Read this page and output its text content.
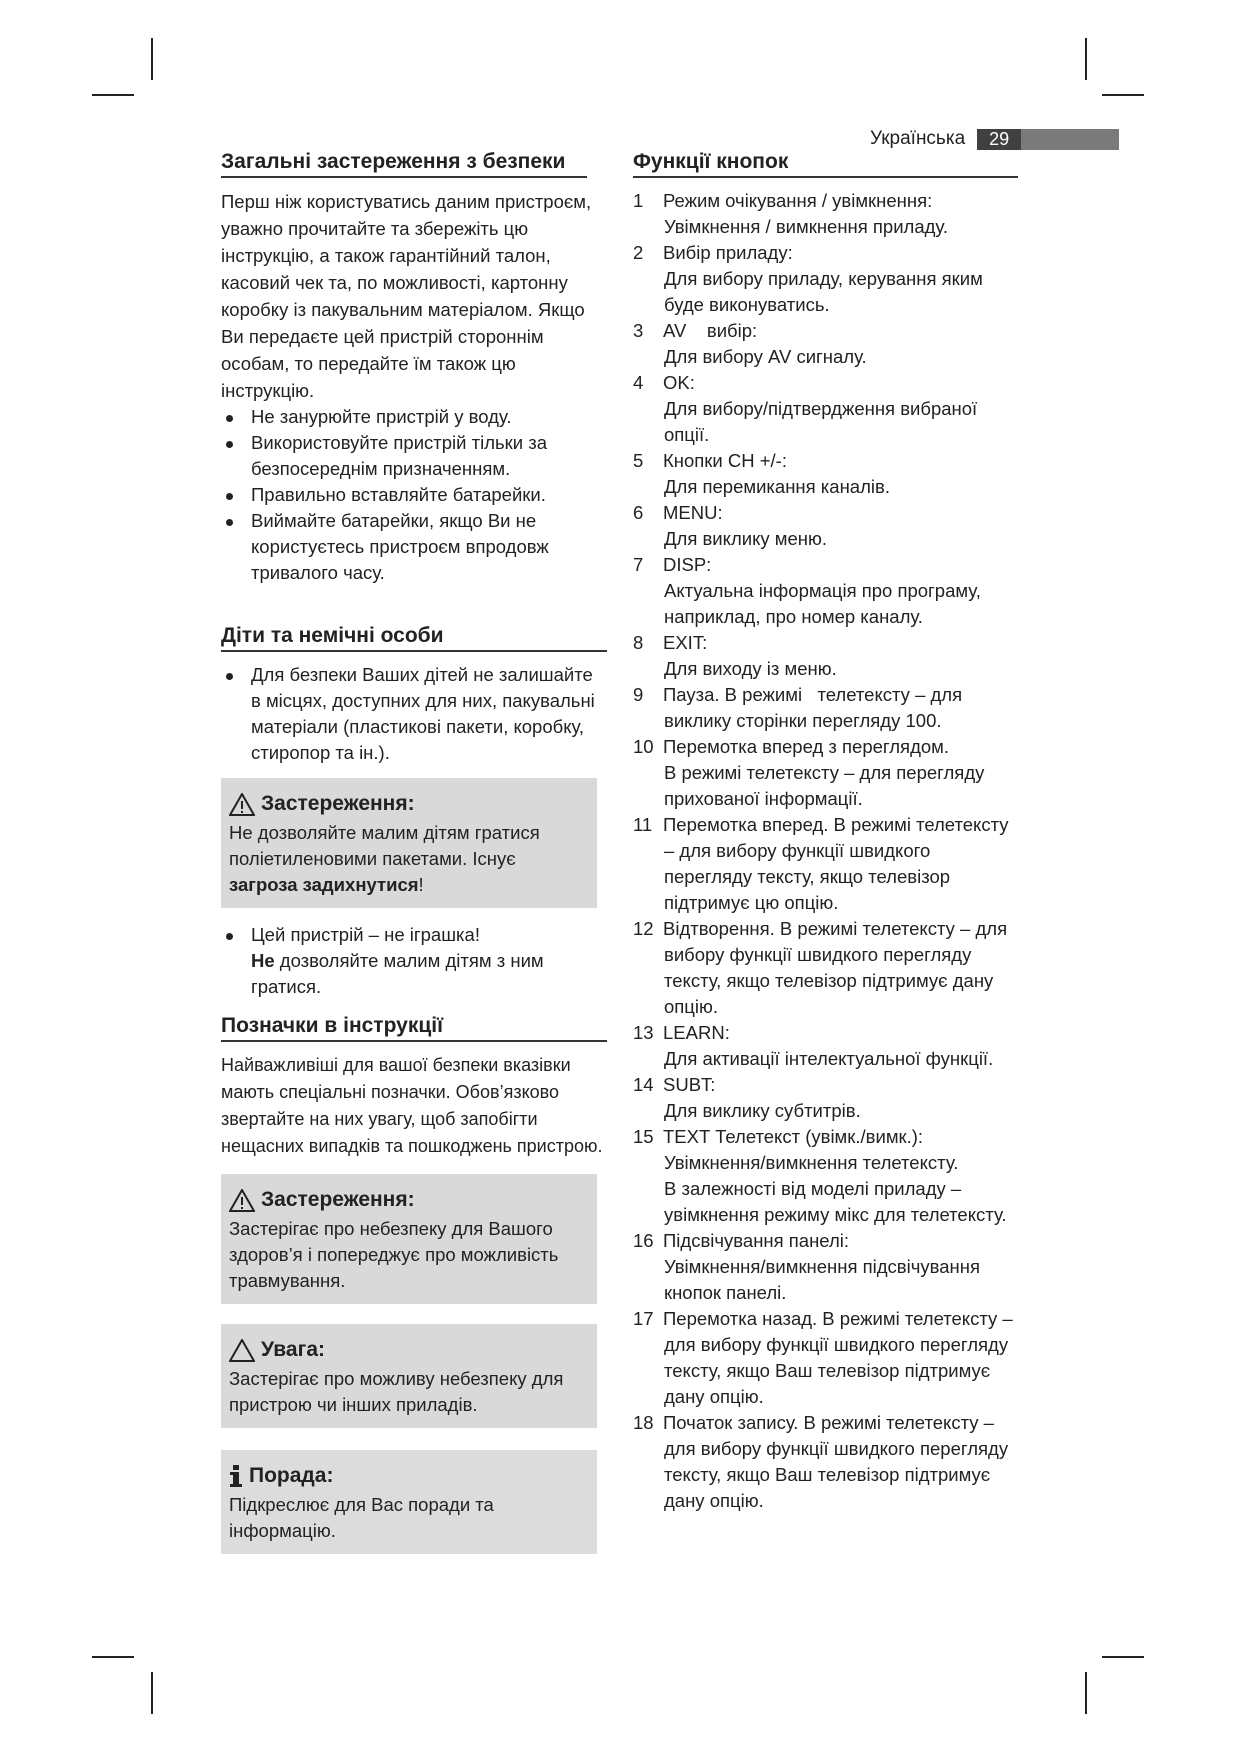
Українська	29
Загальні застереження з безпеки

Перш ніж користуватись даним пристроєм, уважно прочитайте та збережіть цю інструкцію, а також гарантійний талон, касовий чек та, по можливості, картонну коробку із пакувальним матеріалом. Якщо Ви передаєте цей пристрій стороннім особам, то передайте їм також цю інструкцію.

Не занурюйте пристрій у воду.
Використовуйте пристрій тільки за безпосереднім призначенням.
Правильно вставляйте батарейки.
Виймайте батарейки, якщо Ви не користуєтесь пристроєм впродовж тривалого часу.
Діти та немічні особи
Для безпеки Ваших дітей не залишайте в місцях, доступних для них, пакувальні матеріали (пластикові пакети, коробку, стиропор та ін.).
Застереження:
Не дозволяйте малим дітям гратися поліетиленовими пакетами. Існує загроза задихнутися!
Цей пристрій – не іграшка!
Не дозволяйте малим дітям з ним гратися.
Позначки в інструкції

Найважливіші для вашої безпеки вказівки мають спеціальні позначки. Обов’язково звертайте на них увагу, щоб запобігти нещасних випадків та пошкоджень пристрою.

Застереження:
Застерігає про небезпеку для Вашого здоров’я і попереджує про можливість травмування.
Увага:
Застерігає про можливу небезпеку для пристрою чи інших приладів.
Порада:
Підкреслює для Вас поради та інформацію.
Функції кнопок
1	Режим очікування / увімкнення:
Увімкнення / вимкнення приладу.
2	Вибір приладу:
Для вибору приладу, керування яким буде виконуватись.
3	AV    вибір:
Для вибору AV сигналу.
4	OK:
Для вибору/підтвердження вибраної опції.
5	Кнопки CH +/-:
Для перемикання каналів.
6	MENU:
Для виклику меню.
7	DISP:
Актуальна інформація про програму, наприклад, про номер каналу.
8	EXIT:
Для виходу із меню.
9	Пауза. В режимі   телетексту – для
виклику сторінки перегляду 100.
10 Перемотка вперед з переглядом.
В режимі телетексту – для перегляду прихованої інформації.
11 Перемотка вперед. В режимі телетексту
– для вибору функції швидкого перегляду тексту, якщо телевізор підтримує цю опцію.
12 Відтворення. В режимі телетексту – для
вибору функції швидкого перегляду тексту, якщо телевізор підтримує дану опцію.
13 LEARN:
Для активації інтелектуальної функції.
14 SUBT:
Для виклику субтитрів.
15 TEXT Телетекст (увімк./вимк.):
Увімкнення/вимкнення телетексту.
В залежності від моделі приладу – увімкнення режиму мікс для телетексту.
16 Підсвічування панелі:
Увімкнення/вимкнення підсвічування кнопок панелі.
17 Перемотка назад. В режимі телетексту –
для вибору функції швидкого перегляду тексту, якщо Ваш телевізор підтримує дану опцію.
18 Початок запису. В режимі телетексту –
для вибору функції швидкого перегляду тексту, якщо Ваш телевізор підтримує дану опцію.
